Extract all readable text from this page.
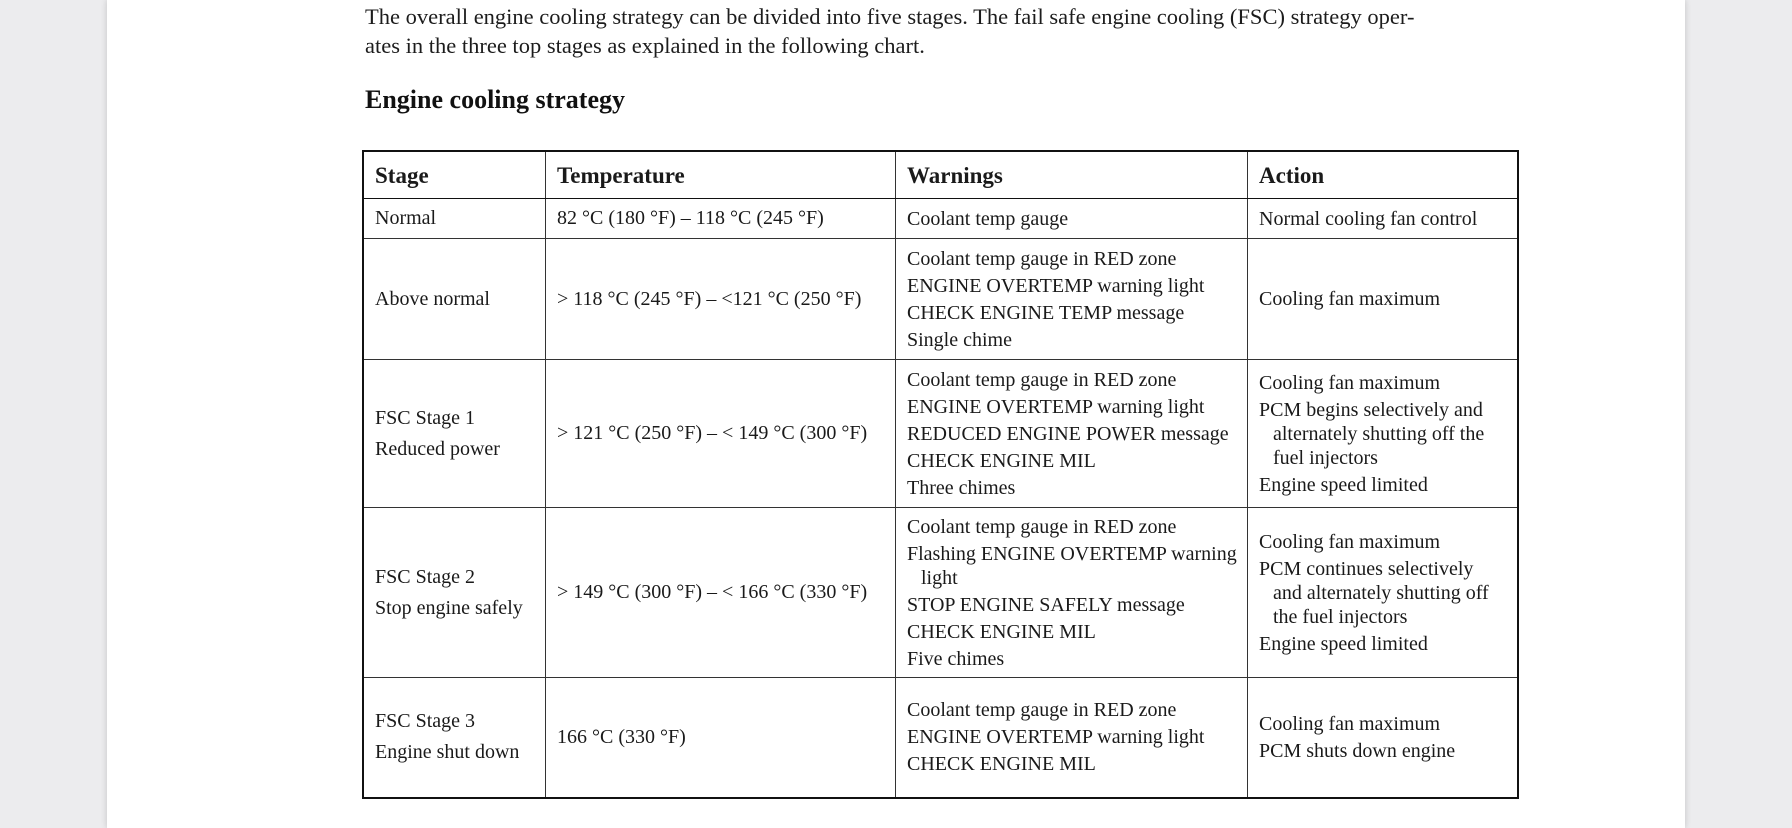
The overall engine cooling strategy can be divided into five stages. The fail safe engine cooling (FSC) strategy oper-

ates in the three top stages as explained in the following chart.

Engine cooling strategy
Stage	Temperature	Warnings	Action

Normal	82 °C (180 °F) – 118 °C (245 °F)	Coolant temp gauge	Normal cooling fan control

Above normal	> 118 °C (245 °F) – <121 °C (250 °F)	Coolant temp gauge in RED zone
ENGINE OVERTEMP warning light
CHECK ENGINE TEMP message
Single chime	Cooling fan maximum

FSC Stage 1
Reduced power	> 121 °C (250 °F) – < 149 °C (300 °F)	Coolant temp gauge in RED zone
ENGINE OVERTEMP warning light
REDUCED ENGINE POWER message
CHECK ENGINE MIL
Three chimes	Cooling fan maximum
PCM begins selectively and alternately shutting off the fuel injectors
Engine speed limited

FSC Stage 2
Stop engine safely	> 149 °C (300 °F) – < 166 °C (330 °F)	Coolant temp gauge in RED zone
Flashing ENGINE OVERTEMP warning light
STOP ENGINE SAFELY message
CHECK ENGINE MIL
Five chimes	Cooling fan maximum
PCM continues selectively and alternately shutting off the fuel injectors
Engine speed limited

FSC Stage 3
Engine shut down	166 °C (330 °F)	Coolant temp gauge in RED zone
ENGINE OVERTEMP warning light
CHECK ENGINE MIL	Cooling fan maximum
PCM shuts down engine
